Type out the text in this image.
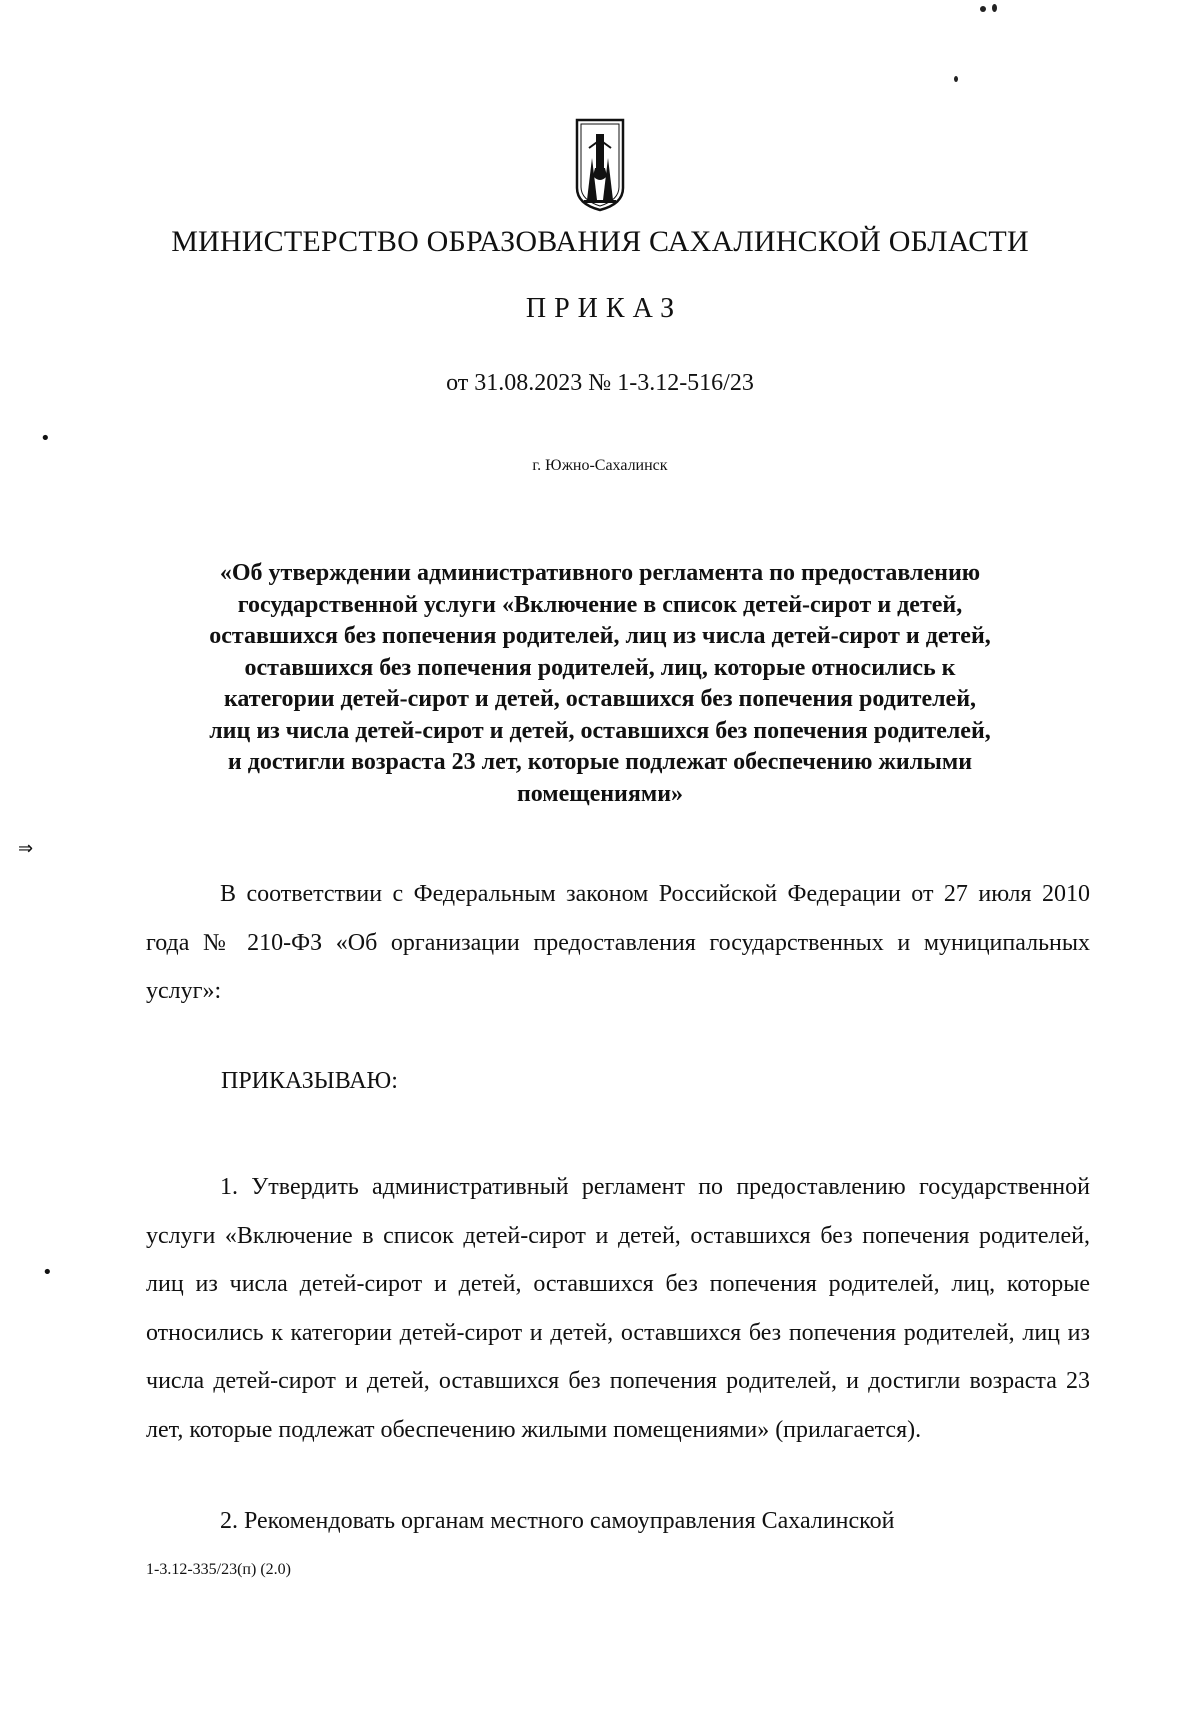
МИНИСТЕРСТВО ОБРАЗОВАНИЯ САХАЛИНСКОЙ ОБЛАСТИ
ПРИКАЗ
от 31.08.2023 № 1-3.12-516/23
г. Южно-Сахалинск
«Об утверждении административного регламента по предоставлению
государственной услуги «Включение в список детей-сирот и детей,
оставшихся без попечения родителей, лиц из числа детей-сирот и детей,
оставшихся без попечения родителей, лиц, которые относились к
категории детей-сирот и детей, оставшихся без попечения родителей,
лиц из числа детей-сирот и детей, оставшихся без попечения родителей,
и достигли возраста 23 лет, которые подлежат обеспечению жилыми
помещениями»
В соответствии с Федеральным законом Российской Федерации от 27 июля 2010 года № 210-ФЗ «Об организации предоставления государственных и муниципальных услуг»:
ПРИКАЗЫВАЮ:
1. Утвердить административный регламент по предоставлению государственной услуги «Включение в список детей-сирот и детей, оставшихся без попечения родителей, лиц из числа детей-сирот и детей, оставшихся без попечения родителей, лиц, которые относились к категории детей-сирот и детей, оставшихся без попечения родителей, лиц из числа детей-сирот и детей, оставшихся без попечения родителей, и достигли возраста 23 лет, которые подлежат обеспечению жилыми помещениями» (прилагается).
2. Рекомендовать органам местного самоуправления Сахалинской
1-3.12-335/23(п) (2.0)
•
⇒
•
